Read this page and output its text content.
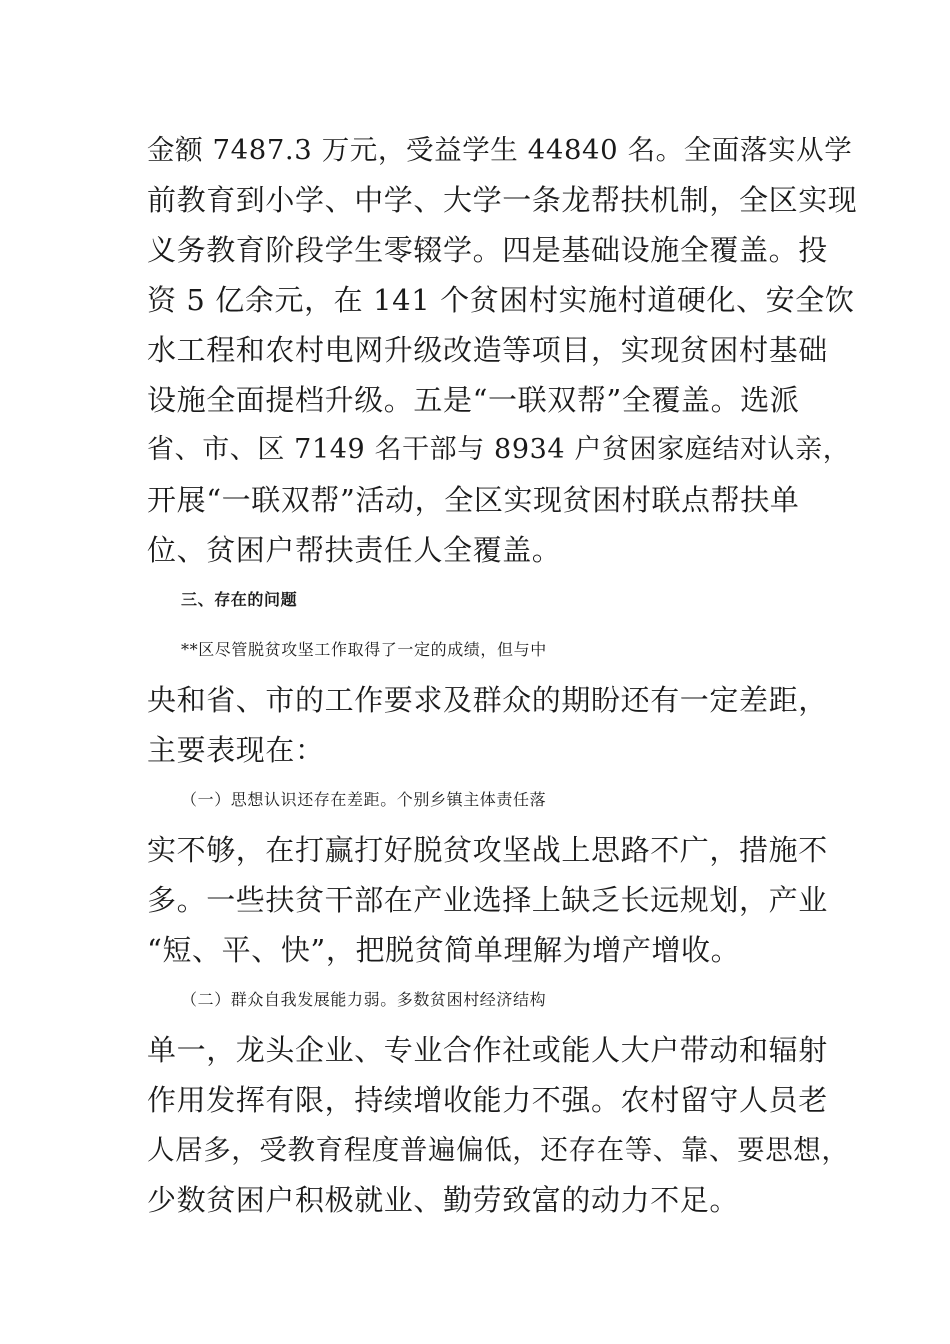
金额 7487.3 万元，受益学生 44840 名。全面落实从学
前教育到小学、中学、大学一条龙帮扶机制，全区实现
义务教育阶段学生零辍学。四是基础设施全覆盖。投
资 5 亿余元，在 141 个贫困村实施村道硬化、安全饮
水工程和农村电网升级改造等项目，实现贫困村基础
设施全面提档升级。五是“一联双帮”全覆盖。选派
省、市、区 7149 名干部与 8934 户贫困家庭结对认亲，
开展“一联双帮”活动，全区实现贫困村联点帮扶单
位、贫困户帮扶责任人全覆盖。
三、存在的问题
**区尽管脱贫攻坚工作取得了一定的成绩，但与中
央和省、市的工作要求及群众的期盼还有一定差距，
主要表现在：
（一）思想认识还存在差距。个别乡镇主体责任落
实不够，在打赢打好脱贫攻坚战上思路不广，措施不
多。一些扶贫干部在产业选择上缺乏长远规划，产业
“短、平、快”，把脱贫简单理解为增产增收。
（二）群众自我发展能力弱。多数贫困村经济结构
单一，龙头企业、专业合作社或能人大户带动和辐射
作用发挥有限，持续增收能力不强。农村留守人员老
人居多，受教育程度普遍偏低，还存在等、靠、要思想，
少数贫困户积极就业、勤劳致富的动力不足。
